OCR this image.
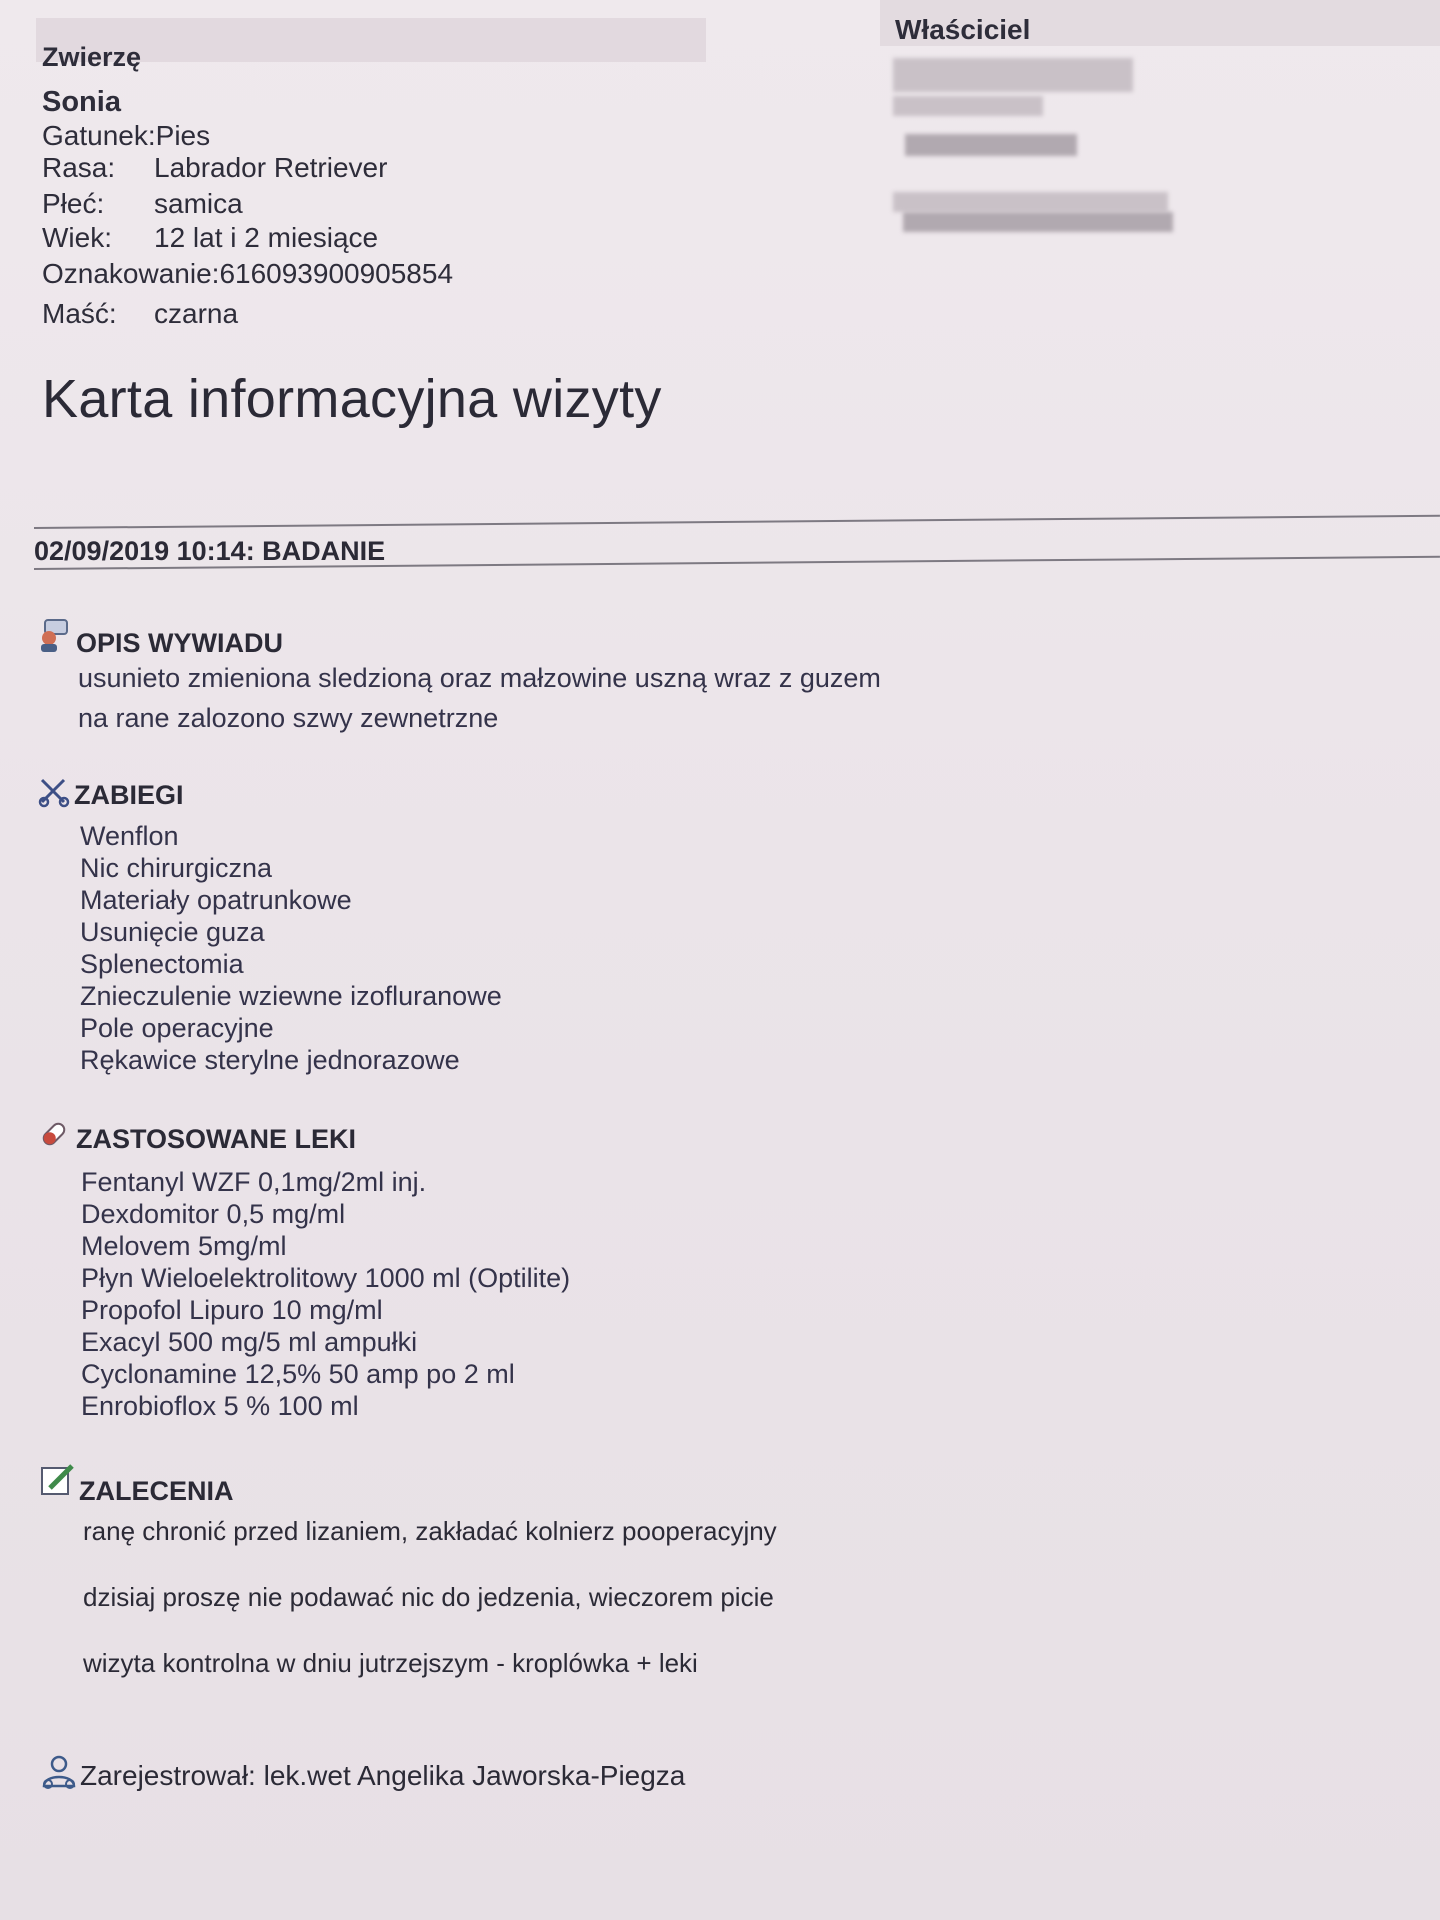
Zwierzę
Sonia
Gatunek:Pies
Rasa: Labrador Retriever
Płeć: samica
Wiek: 12 lat i 2 miesiące
Oznakowanie:616093900905854
Maść: czarna
Właściciel
Karta informacyjna wizyty
02/09/2019 10:14: BADANIE
OPIS WYWIADU
usunieto zmieniona sledzioną oraz małzowine uszną wraz z guzem
na rane zalozono szwy zewnetrzne
ZABIEGI
Wenflon
Nic chirurgiczna
Materiały opatrunkowe
Usunięcie guza
Splenectomia
Znieczulenie wziewne izofluranowe
Pole operacyjne
Rękawice sterylne jednorazowe
ZASTOSOWANE LEKI
Fentanyl WZF 0,1mg/2ml inj.
Dexdomitor 0,5 mg/ml
Melovem 5mg/ml
Płyn Wieloelektrolitowy 1000 ml (Optilite)
Propofol Lipuro 10 mg/ml
Exacyl 500 mg/5 ml ampułki
Cyclonamine 12,5% 50 amp po 2 ml
Enrobioflox 5 % 100 ml
ZALECENIA
ranę chronić przed lizaniem, zakładać kolnierz pooperacyjny
dzisiaj proszę nie podawać nic do jedzenia, wieczorem picie
wizyta kontrolna w dniu jutrzejszym - kroplówka + leki
Zarejestrował: lek.wet Angelika Jaworska-Piegza
